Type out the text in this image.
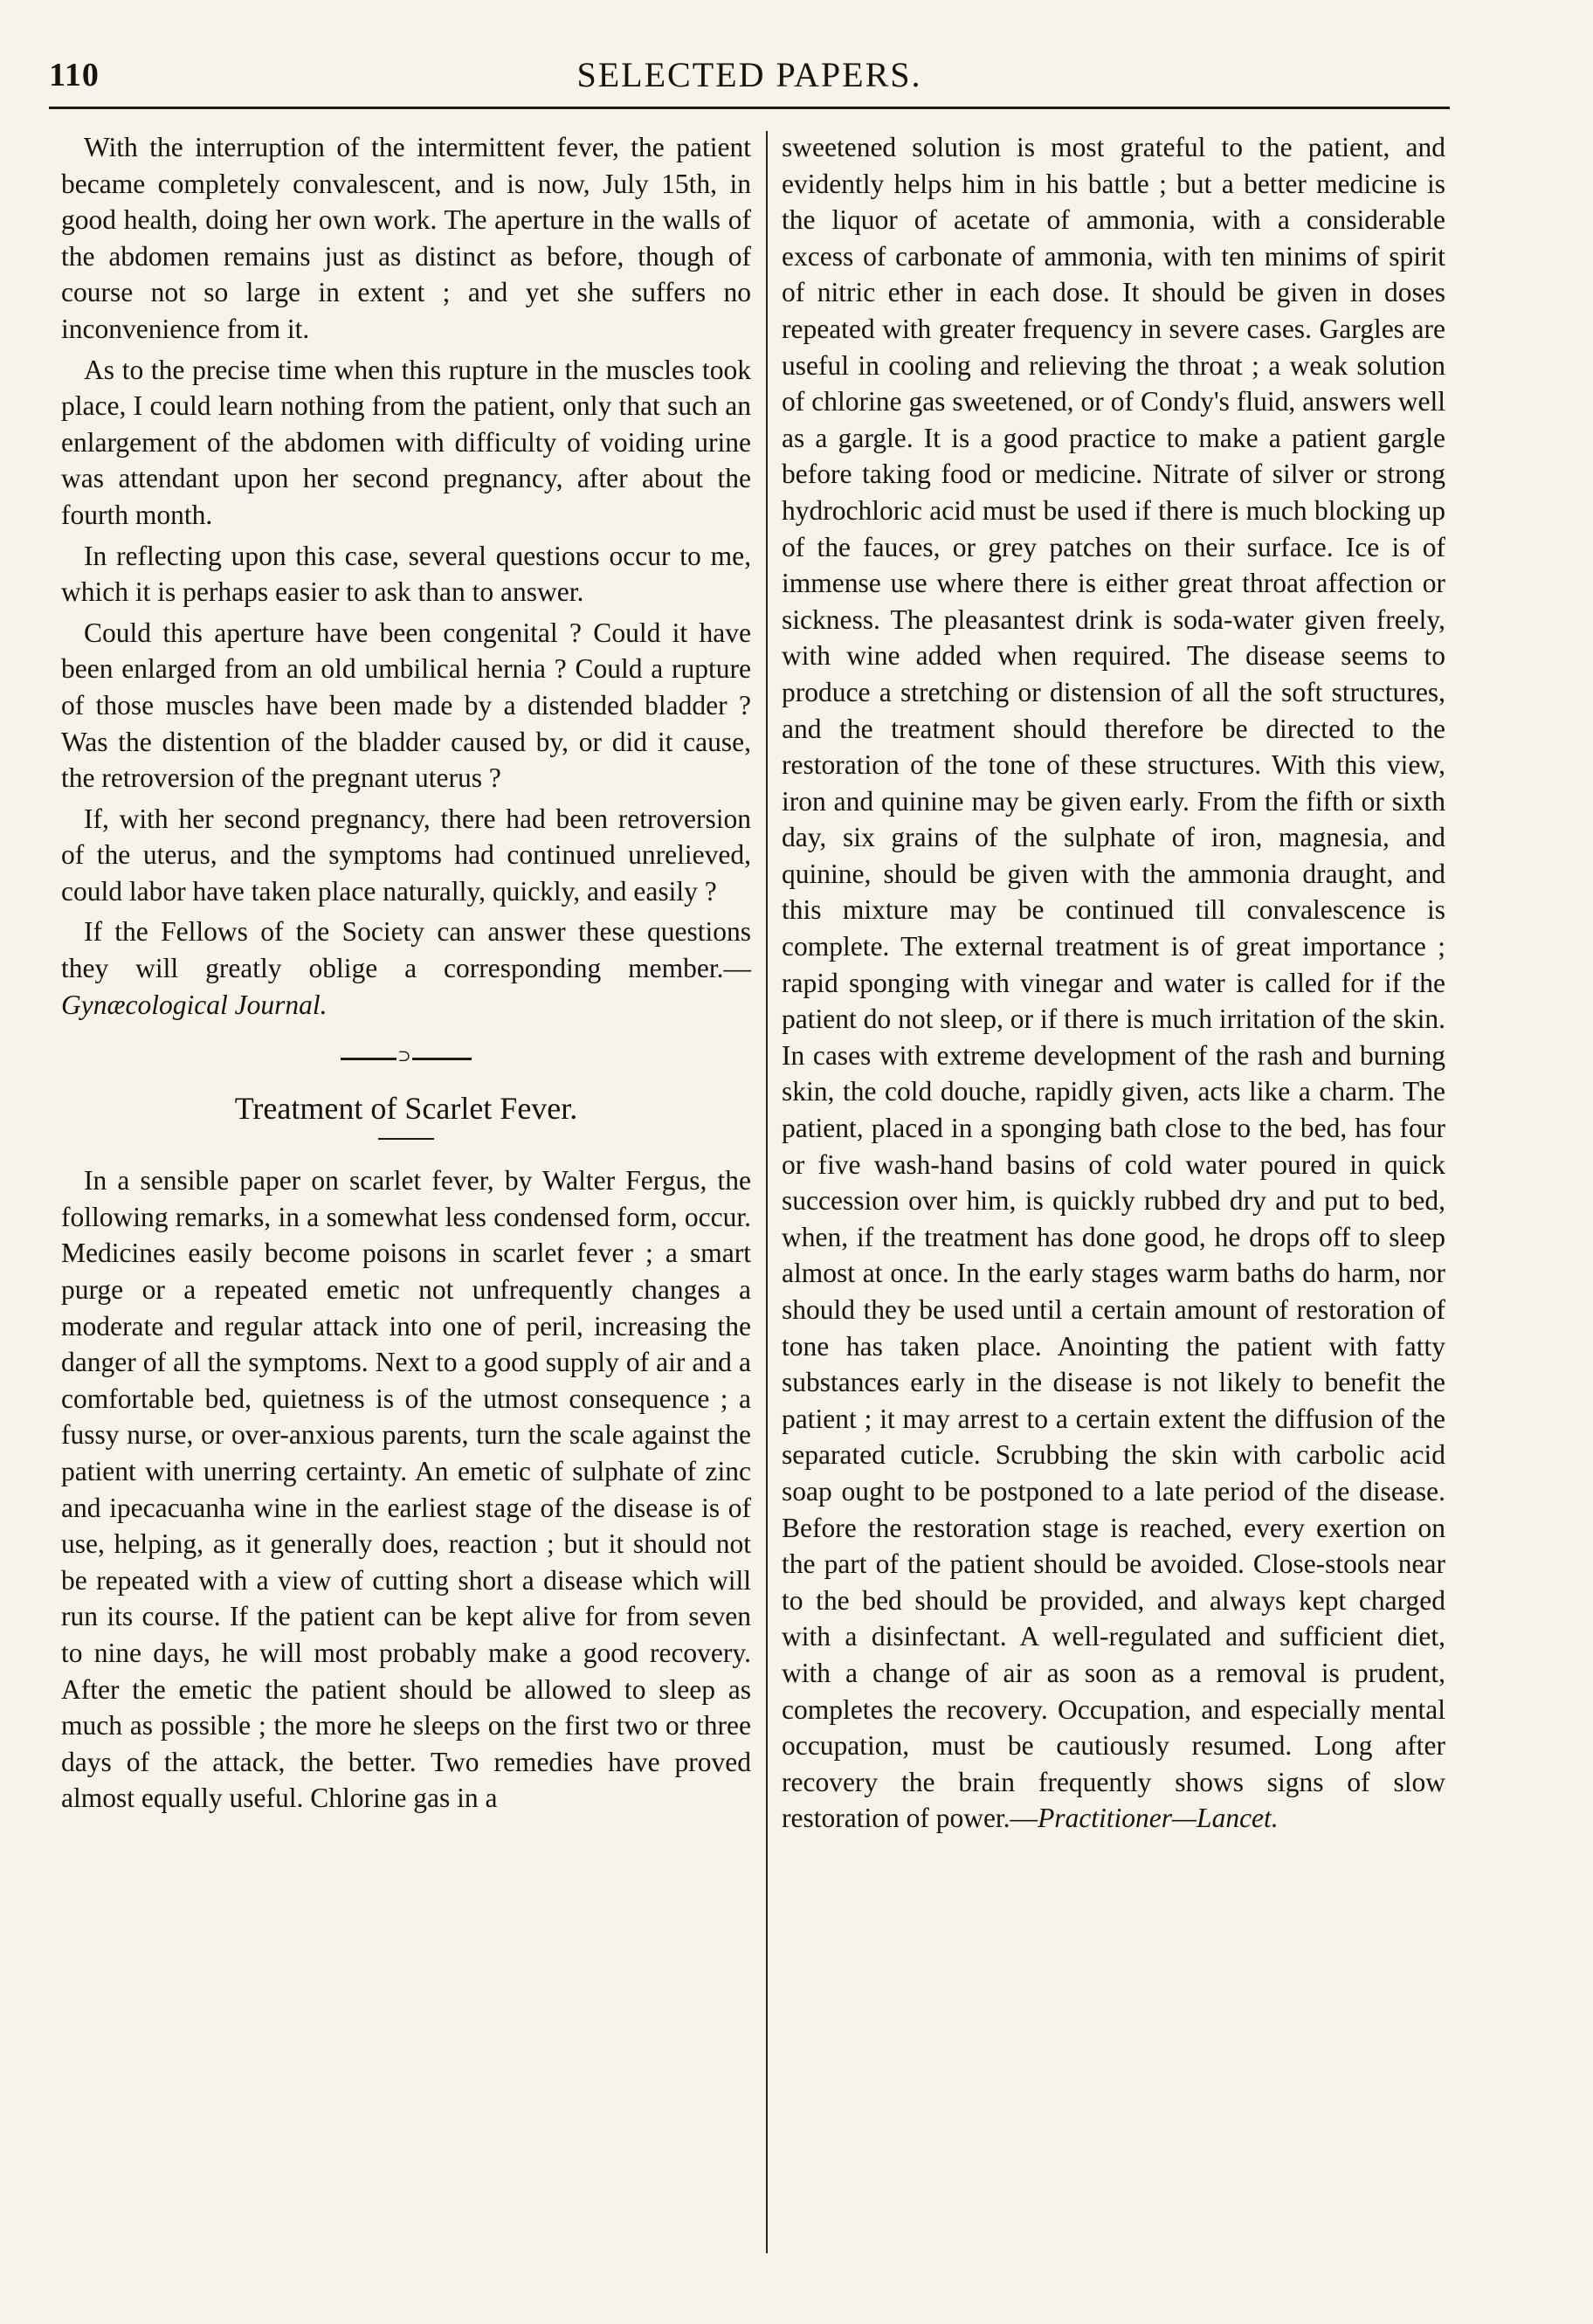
110	SELECTED PAPERS.

With the interruption of the intermittent fever, the patient became completely convalescent, and is now, July 15th, in good health, doing her own work. The aperture in the walls of the abdomen remains just as distinct as before, though of course not so large in extent ; and yet she suffers no inconvenience from it.

As to the precise time when this rupture in the muscles took place, I could learn nothing from the patient, only that such an enlargement of the abdomen with difficulty of voiding urine was attendant upon her second pregnancy, after about the fourth month.

In reflecting upon this case, several questions occur to me, which it is perhaps easier to ask than to answer.

Could this aperture have been congenital ? Could it have been enlarged from an old umbilical hernia ? Could a rupture of those muscles have been made by a distended bladder ? Was the distention of the bladder caused by, or did it cause, the retroversion of the pregnant uterus ?

If, with her second pregnancy, there had been retroversion of the uterus, and the symptoms had continued unrelieved, could labor have taken place naturally, quickly, and easily ?

If the Fellows of the Society can answer these questions they will greatly oblige a corresponding member.—Gynæcological Journal.

⊃
Treatment of Scarlet Fever.

In a sensible paper on scarlet fever, by Walter Fergus, the following remarks, in a somewhat less condensed form, occur. Medicines easily become poisons in scarlet fever ; a smart purge or a repeated emetic not unfrequently changes a moderate and regular attack into one of peril, increasing the danger of all the symptoms. Next to a good supply of air and a comfortable bed, quietness is of the utmost consequence ; a fussy nurse, or over-anxious parents, turn the scale against the patient with unerring certainty. An emetic of sulphate of zinc and ipecacuanha wine in the earliest stage of the disease is of use, helping, as it generally does, reaction ; but it should not be repeated with a view of cutting short a disease which will run its course. If the patient can be kept alive for from seven to nine days, he will most probably make a good recovery. After the emetic the patient should be allowed to sleep as much as possible ; the more he sleeps on the first two or three days of the attack, the better. Two remedies have proved almost equally useful. Chlorine gas in a

sweetened solution is most grateful to the patient, and evidently helps him in his battle ; but a better medicine is the liquor of acetate of ammonia, with a considerable excess of carbonate of ammonia, with ten minims of spirit of nitric ether in each dose. It should be given in doses repeated with greater frequency in severe cases. Gargles are useful in cooling and relieving the throat ; a weak solution of chlorine gas sweetened, or of Condy's fluid, answers well as a gargle. It is a good practice to make a patient gargle before taking food or medicine. Nitrate of silver or strong hydrochloric acid must be used if there is much blocking up of the fauces, or grey patches on their surface. Ice is of immense use where there is either great throat affection or sickness. The pleasantest drink is soda-water given freely, with wine added when required. The disease seems to produce a stretching or distension of all the soft structures, and the treatment should therefore be directed to the restoration of the tone of these structures. With this view, iron and quinine may be given early. From the fifth or sixth day, six grains of the sulphate of iron, magnesia, and quinine, should be given with the ammonia draught, and this mixture may be continued till convalescence is complete. The external treatment is of great importance ; rapid sponging with vinegar and water is called for if the patient do not sleep, or if there is much irritation of the skin. In cases with extreme development of the rash and burning skin, the cold douche, rapidly given, acts like a charm. The patient, placed in a sponging bath close to the bed, has four or five wash-hand basins of cold water poured in quick succession over him, is quickly rubbed dry and put to bed, when, if the treatment has done good, he drops off to sleep almost at once. In the early stages warm baths do harm, nor should they be used until a certain amount of restoration of tone has taken place. Anointing the patient with fatty substances early in the disease is not likely to benefit the patient ; it may arrest to a certain extent the diffusion of the separated cuticle. Scrubbing the skin with carbolic acid soap ought to be postponed to a late period of the disease. Before the restoration stage is reached, every exertion on the part of the patient should be avoided. Close-stools near to the bed should be provided, and always kept charged with a disinfectant. A well-regulated and sufficient diet, with a change of air as soon as a removal is prudent, completes the recovery. Occupation, and especially mental occupation, must be cautiously resumed. Long after recovery the brain frequently shows signs of slow restoration of power.—Practitioner—Lancet.
